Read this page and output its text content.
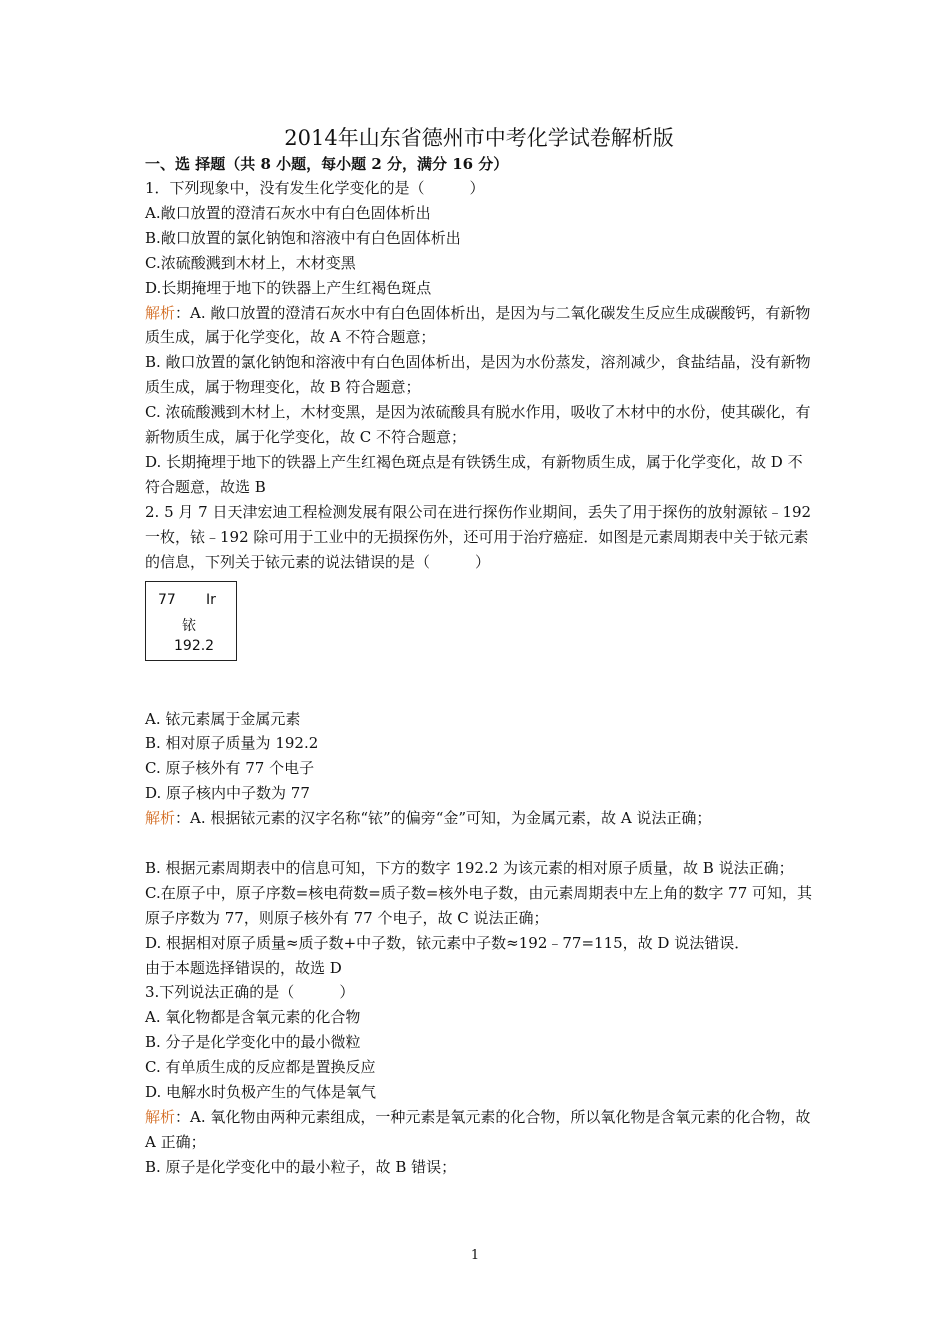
2014年山东省德州市中考化学试卷解析版
一、选 择题（共 8 小题，每小题 2 分，满分 16 分）
1．下列现象中，没有发生化学变化的是（　　　）
A.敞口放置的澄清石灰水中有白色固体析出
B.敞口放置的氯化钠饱和溶液中有白色固体析出
C.浓硫酸溅到木材上，木材变黑
D.长期掩埋于地下的铁器上产生红褐色斑点
解析：A. 敞口放置的澄清石灰水中有白色固体析出，是因为与二氧化碳发生反应生成碳酸钙，有新物质生成，属于化学变化，故 A 不符合题意；
B. 敞口放置的氯化钠饱和溶液中有白色固体析出，是因为水份蒸发，溶剂减少，食盐结晶，没有新物质生成，属于物理变化，故 B 符合题意；
C. 浓硫酸溅到木材上，木材变黑，是因为浓硫酸具有脱水作用，吸收了木材中的水份，使其碳化，有新物质生成，属于化学变化，故 C 不符合题意；
D. 长期掩埋于地下的铁器上产生红褐色斑点是有铁锈生成，有新物质生成，属于化学变化，故 D 不符合题意，故选 B
2. 5 月 7 日天津宏迪工程检测发展有限公司在进行探伤作业期间，丢失了用于探伤的放射源铱﹣192 一枚，铱﹣192 除可用于工业中的无损探伤外，还可用于治疗癌症．如图是元素周期表中关于铱元素的信息，下列关于铱元素的说法错误的是（　　　）
77 Ir
铱
192.2
A. 铱元素属于金属元素
B. 相对原子质量为 192.2
C. 原子核外有 77 个电子
D. 原子核内中子数为 77
解析：A. 根据铱元素的汉字名称“铱”的偏旁“金”可知，为金属元素，故 A 说法正确；
B. 根据元素周期表中的信息可知，下方的数字 192.2 为该元素的相对原子质量，故 B 说法正确；
C.在原子中，原子序数=核电荷数=质子数=核外电子数，由元素周期表中左上角的数字 77 可知，其原子序数为 77，则原子核外有 77 个电子，故 C 说法正确；
D. 根据相对原子质量≈质子数+中子数，铱元素中子数≈192﹣77=115，故 D 说法错误．
由于本题选择错误的，故选 D
3.下列说法正确的是（　　　）
A. 氧化物都是含氧元素的化合物
B. 分子是化学变化中的最小微粒
C. 有单质生成的反应都是置换反应
D. 电解水时负极产生的气体是氧气
解析：A. 氧化物由两种元素组成，一种元素是氧元素的化合物，所以氧化物是含氧元素的化合物，故 A 正确；
B. 原子是化学变化中的最小粒子，故 B 错误；
1
